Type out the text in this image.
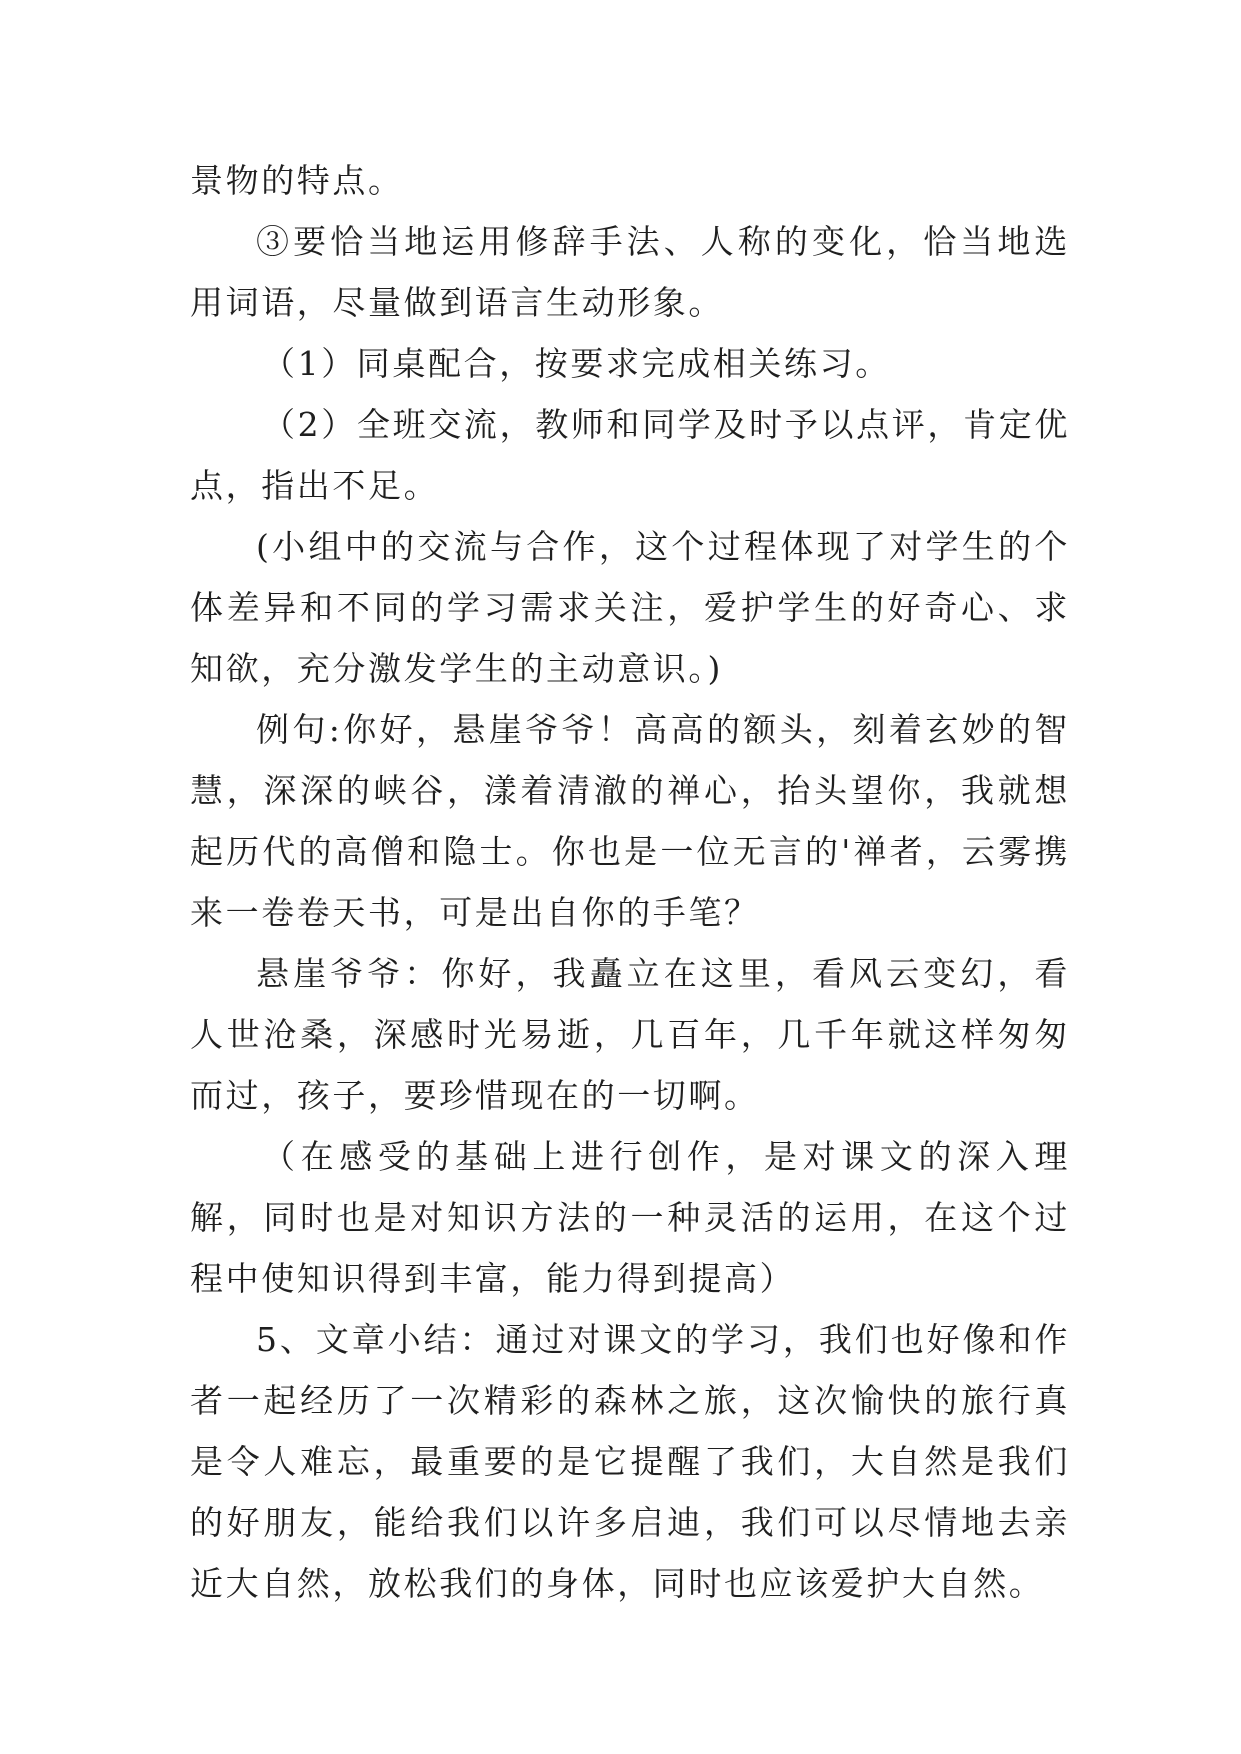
景物的特点。

③要恰当地运用修辞手法、人称的变化，恰当地选用词语，尽量做到语言生动形象。

（1）同桌配合，按要求完成相关练习。

（2）全班交流，教师和同学及时予以点评，肯定优点，指出不足。

(小组中的交流与合作，这个过程体现了对学生的个体差异和不同的学习需求关注，爱护学生的好奇心、求知欲，充分激发学生的主动意识。)

例句:你好，悬崖爷爷！高高的额头，刻着玄妙的智慧，深深的峡谷，漾着清澈的禅心，抬头望你，我就想起历代的高僧和隐士。你也是一位无言的'禅者，云雾携来一卷卷天书，可是出自你的手笔？

悬崖爷爷：你好，我矗立在这里，看风云变幻，看人世沧桑，深感时光易逝，几百年，几千年就这样匆匆而过，孩子，要珍惜现在的一切啊。

（在感受的基础上进行创作，是对课文的深入理解，同时也是对知识方法的一种灵活的运用，在这个过程中使知识得到丰富，能力得到提高）

5、文章小结：通过对课文的学习，我们也好像和作者一起经历了一次精彩的森林之旅，这次愉快的旅行真是令人难忘，最重要的是它提醒了我们，大自然是我们的好朋友，能给我们以许多启迪，我们可以尽情地去亲近大自然，放松我们的身体，同时也应该爱护大自然。
